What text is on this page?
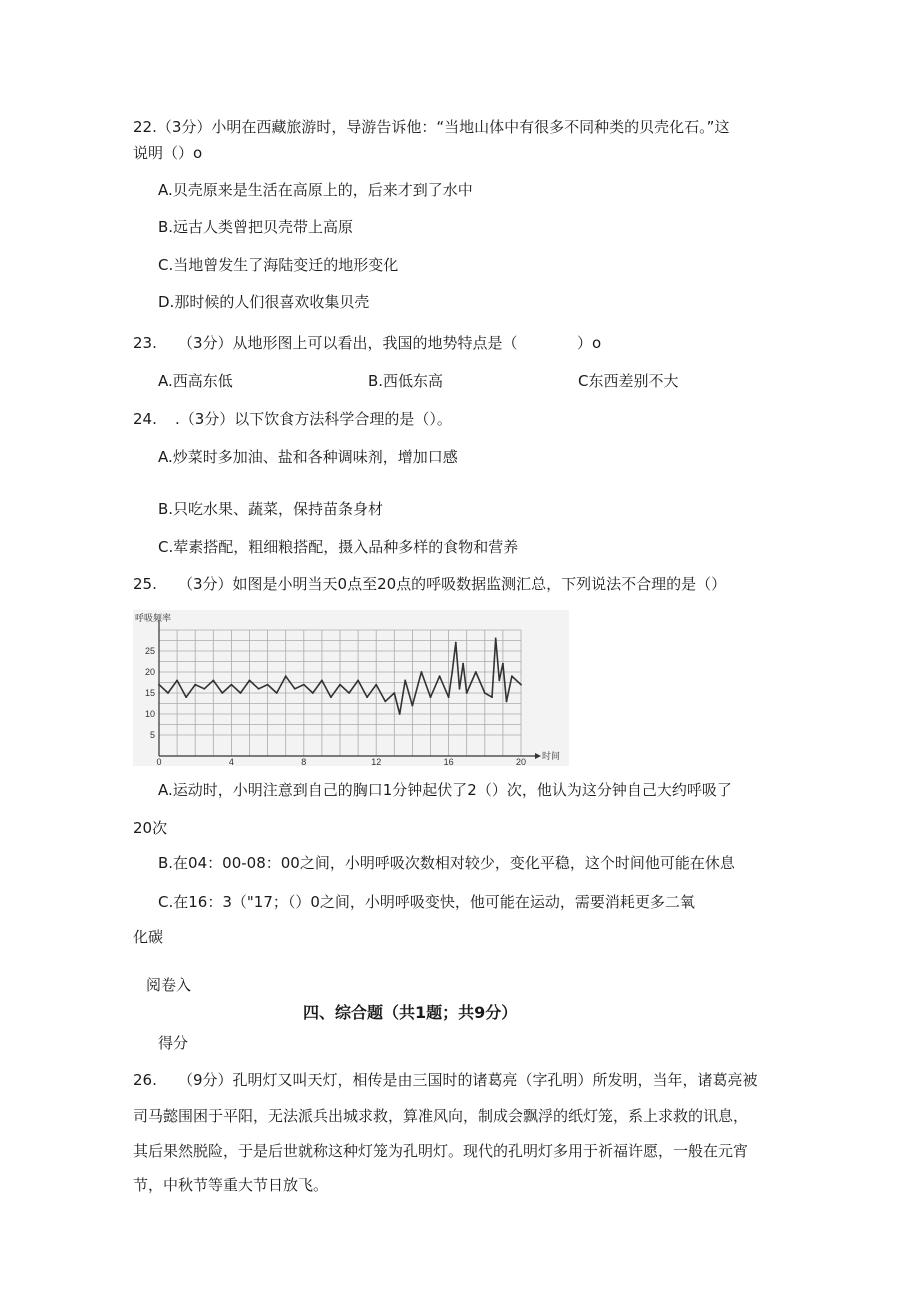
22.（3分）小明在西藏旅游时，导游告诉他：“当地山体中有很多不同种类的贝壳化石。”这
说明（）o
A.贝壳原来是生活在高原上的，后来才到了水中
B.远古人类曾把贝壳带上高原
C.当地曾发生了海陆变迁的地形变化
D.那时候的人们很喜欢收集贝壳
23. （3分）从地形图上可以看出，我国的地势特点是（	）o
A.西高东低	B.西低东高	C东西差别不大
24. .（3分）以下饮食方法科学合理的是（）。
A.炒菜时多加油、盐和各种调味剂，增加口感
B.只吃水果、蔬菜，保持苗条身材
C.荤素搭配，粗细粮搭配，摄入品种多样的食物和营养
25. （3分）如图是小明当天0点至20点的呼吸数据监测汇总，下列说法不合理的是（）
0	4	8	12	16	20
5
10
15
20
25
呼吸频率
时间
A.运动时，小明注意到自己的胸口1分钟起伏了2（）次，他认为这分钟自己大约呼吸了
20次
B.在04：00-08：00之间，小明呼吸次数相对较少，变化平稳，这个时间他可能在休息
C.在16：3（"17；（）0之间，小明呼吸变快，他可能在运动，需要消耗更多二氧
化碳
阅卷入
四、综合题（共1题；共9分）
得分
26. （9分）孔明灯又叫天灯，相传是由三国时的诸葛亮（字孔明）所发明，当年，诸葛亮被
司马懿围困于平阳，无法派兵出城求救，算准风向，制成会飘浮的纸灯笼，系上求救的讯息，
其后果然脱险，于是后世就称这种灯笼为孔明灯。现代的孔明灯多用于祈福许愿，一般在元宵
节，中秋节等重大节日放飞。
